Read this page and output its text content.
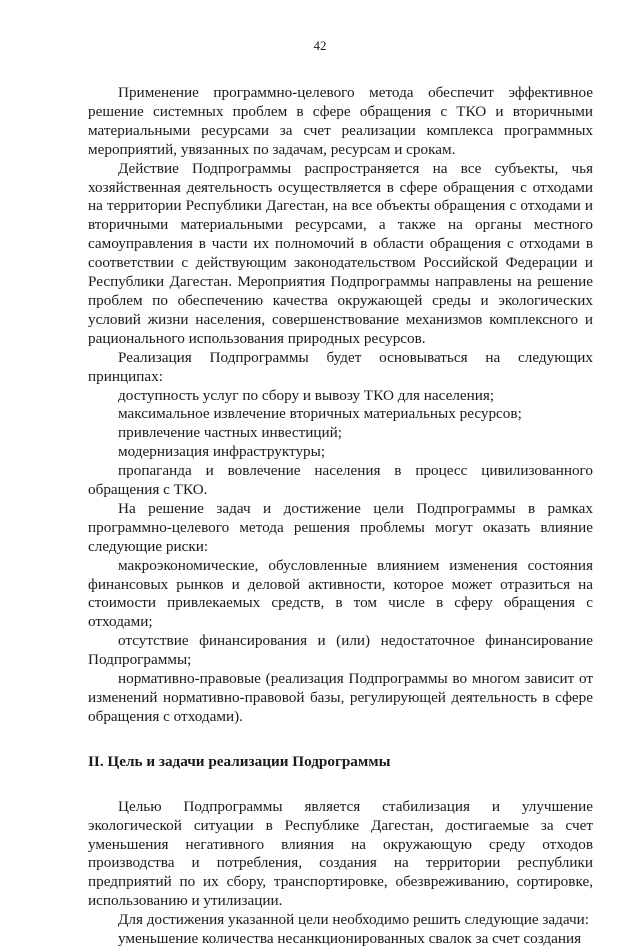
42

Применение программно-целевого метода обеспечит эффективное решение системных проблем в сфере обращения с ТКО и вторичными материальными ресурсами за счет реализации комплекса программных мероприятий, увязанных по задачам, ресурсам и срокам.

Действие Подпрограммы распространяется на все субъекты, чья хозяйственная деятельность осуществляется в сфере обращения с отходами на территории Республики Дагестан, на все объекты обращения с отходами и вторичными материальными ресурсами, а также на органы местного самоуправления в части их полномочий в области обращения с отходами в соответствии с действующим законодательством Российской Федерации и Республики Дагестан. Мероприятия Подпрограммы направлены на решение проблем по обеспечению качества окружающей среды и экологических условий жизни населения, совершенствование механизмов комплексного и рационального использования природных ресурсов.

Реализация Подпрограммы будет основываться на следующих принципах:

доступность услуг по сбору и вывозу ТКО для населения;

максимальное извлечение вторичных материальных ресурсов;

привлечение частных инвестиций;

модернизация инфраструктуры;

пропаганда и вовлечение населения в процесс цивилизованного обращения с ТКО.

На решение задач и достижение цели Подпрограммы в рамках программно-целевого метода решения проблемы могут оказать влияние следующие риски:

макроэкономические, обусловленные влиянием изменения состояния финансовых рынков и деловой активности, которое может отразиться на стоимости привлекаемых средств, в том числе в сферу обращения с отходами;

отсутствие финансирования и (или) недостаточное финансирование Подпрограммы;

нормативно-правовые (реализация Подпрограммы во многом зависит от изменений нормативно-правовой базы, регулирующей деятельность в сфере обращения с отходами).

II. Цель и задачи реализации Подрограммы

Целью Подпрограммы является стабилизация и улучшение экологической ситуации в Республике Дагестан, достигаемые за счет уменьшения негативного влияния на окружающую среду отходов производства и потребления, создания на территории республики предприятий по их сбору, транспортировке, обезвреживанию, сортировке, использованию и утилизации.

Для достижения указанной цели необходимо решить следующие задачи:

уменьшение количества несанкционированных свалок за счет создания
